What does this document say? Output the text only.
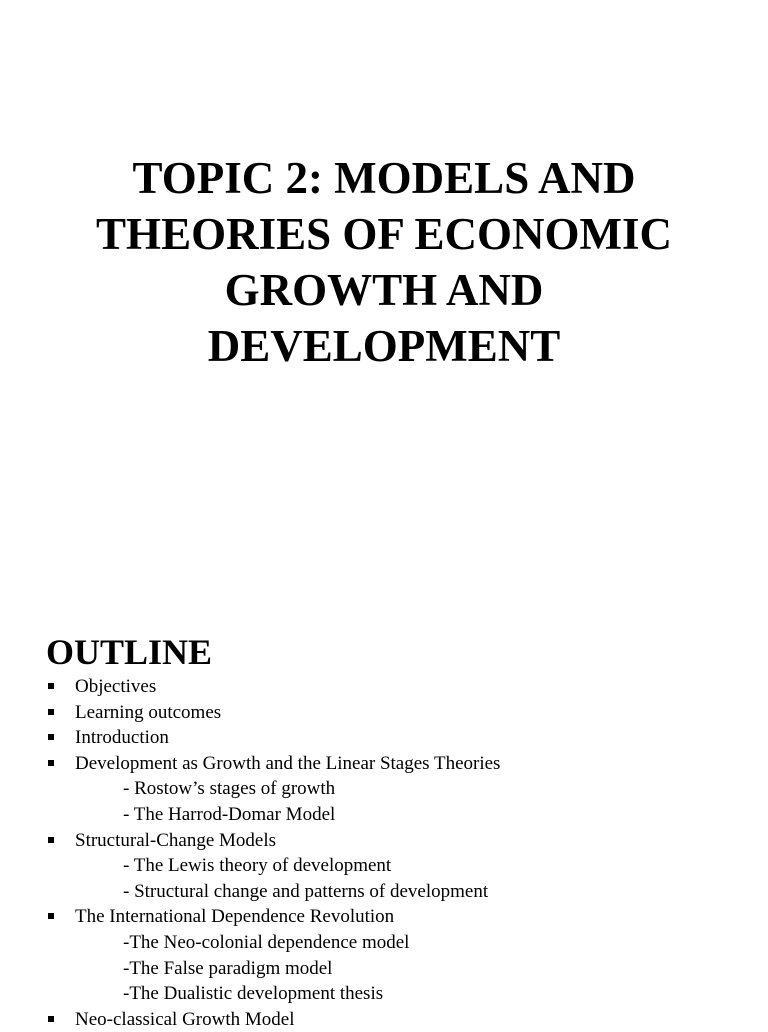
TOPIC 2: MODELS AND
THEORIES OF ECONOMIC
GROWTH AND
DEVELOPMENT
OUTLINE
Objectives
Learning outcomes
Introduction
Development as Growth and the Linear Stages Theories
- Rostow’s stages of growth
- The Harrod-Domar Model
Structural-Change Models
- The Lewis theory of development
- Structural change and patterns of development
The International Dependence Revolution
-The Neo-colonial dependence model
-The False paradigm model
-The Dualistic development thesis
Neo-classical Growth Model
